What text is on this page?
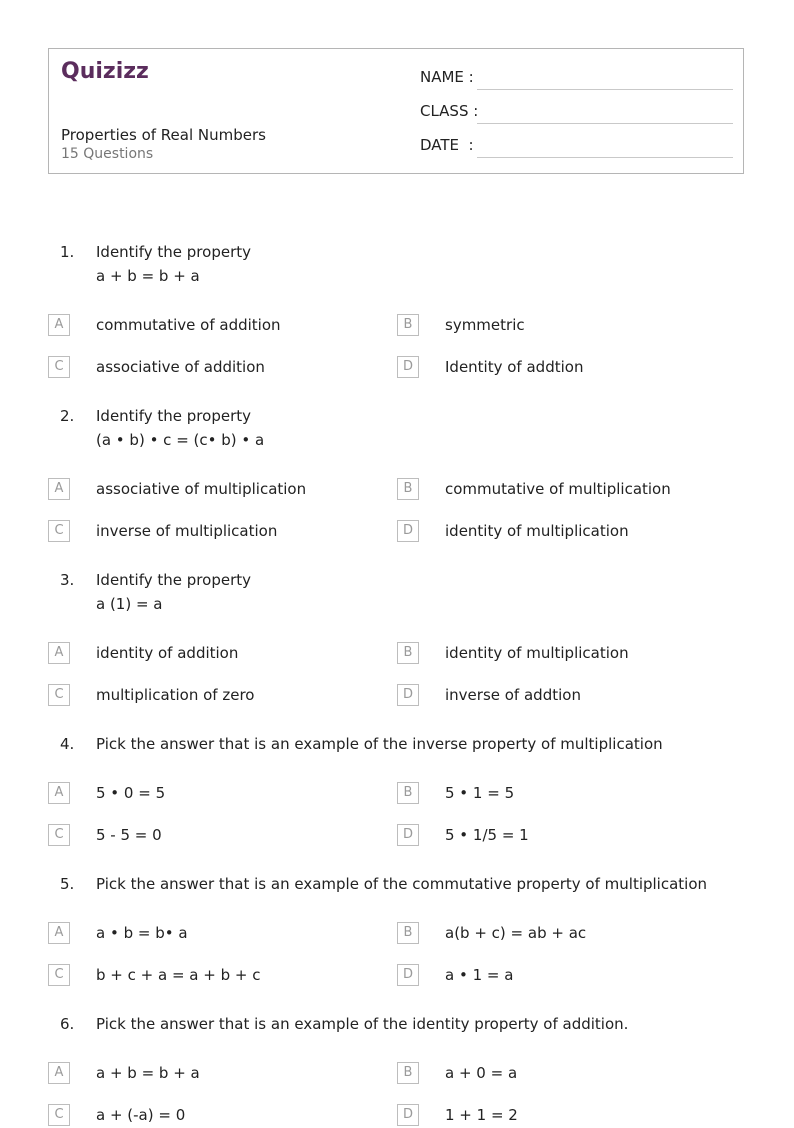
Quizizz
Properties of Real Numbers
15 Questions
NAME :
CLASS :
DATE  :
1. Identify the property
a + b = b + a
A	commutative of addition	B	symmetric
C	associative of addition	D	Identity of addtion
2. Identify the property
(a • b) • c = (c• b) • a
A	associative of multiplication	B	commutative of multiplication
C	inverse of multiplication	D	identity of multiplication
3. Identify the property
a (1) = a
A	identity of addition	B	identity of multiplication
C	multiplication of zero	D	inverse of addtion
4. Pick the answer that is an example of the inverse property of multiplication
A	5 • 0 = 5	B	5 • 1 = 5
C	5 - 5 = 0	D	5 • 1/5 = 1
5. Pick the answer that is an example of the commutative property of multiplication
A	a • b = b• a	B	a(b + c) = ab + ac
C	b + c + a = a + b + c	D	a • 1 = a
6. Pick the answer that is an example of the identity property of addition.
A	a + b = b + a	B	a + 0 = a
C	a + (-a) = 0	D	1 + 1 = 2
